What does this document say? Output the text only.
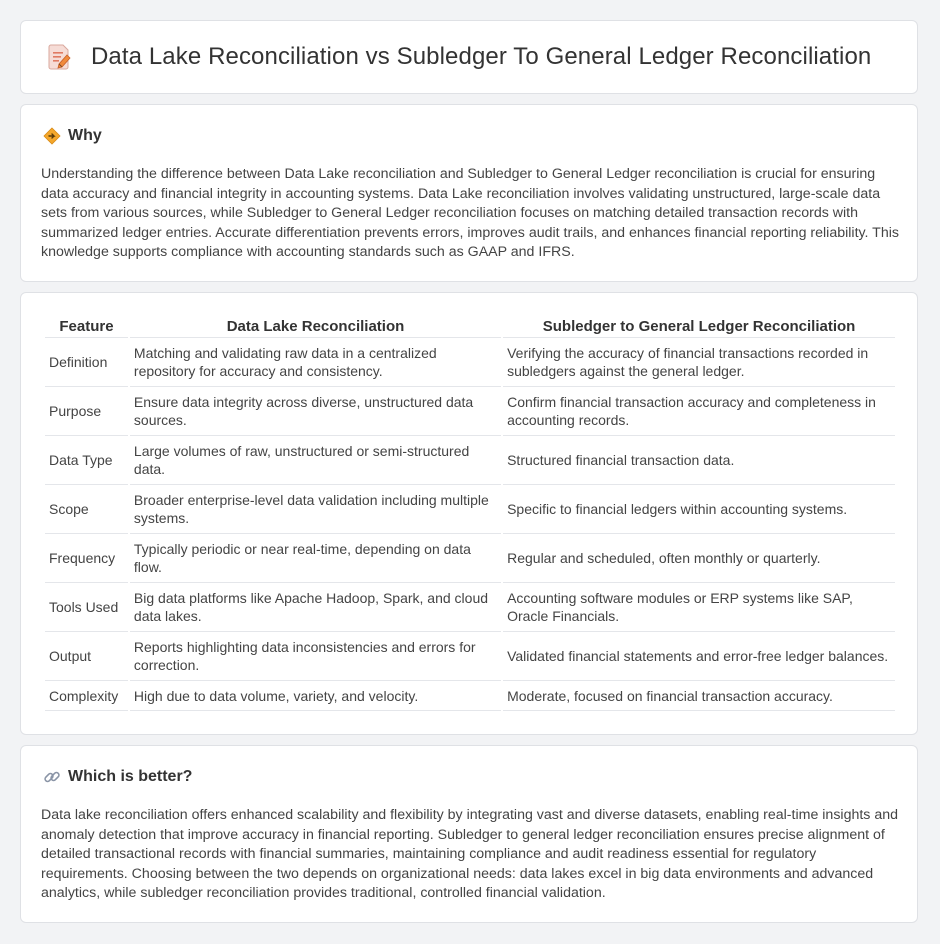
Data Lake Reconciliation vs Subledger To General Ledger Reconciliation
Why

Understanding the difference between Data Lake reconciliation and Subledger to General Ledger reconciliation is crucial for ensuring data accuracy and financial integrity in accounting systems. Data Lake reconciliation involves validating unstructured, large-scale data sets from various sources, while Subledger to General Ledger reconciliation focuses on matching detailed transaction records with summarized ledger entries. Accurate differentiation prevents errors, improves audit trails, and enhances financial reporting reliability. This knowledge supports compliance with accounting standards such as GAAP and IFRS.

Feature	Data Lake Reconciliation	Subledger to General Ledger Reconciliation
Definition	Matching and validating raw data in a centralized repository for accuracy and consistency.	Verifying the accuracy of financial transactions recorded in subledgers against the general ledger.
Purpose	Ensure data integrity across diverse, unstructured data sources.	Confirm financial transaction accuracy and completeness in accounting records.
Data Type	Large volumes of raw, unstructured or semi-structured data.	Structured financial transaction data.
Scope	Broader enterprise-level data validation including multiple systems.	Specific to financial ledgers within accounting systems.
Frequency	Typically periodic or near real-time, depending on data flow.	Regular and scheduled, often monthly or quarterly.
Tools Used	Big data platforms like Apache Hadoop, Spark, and cloud data lakes.	Accounting software modules or ERP systems like SAP, Oracle Financials.
Output	Reports highlighting data inconsistencies and errors for correction.	Validated financial statements and error-free ledger balances.
Complexity	High due to data volume, variety, and velocity.	Moderate, focused on financial transaction accuracy.
Which is better?

Data lake reconciliation offers enhanced scalability and flexibility by integrating vast and diverse datasets, enabling real-time insights and anomaly detection that improve accuracy in financial reporting. Subledger to general ledger reconciliation ensures precise alignment of detailed transactional records with financial summaries, maintaining compliance and audit readiness essential for regulatory requirements. Choosing between the two depends on organizational needs: data lakes excel in big data environments and advanced analytics, while subledger reconciliation provides traditional, controlled financial validation.
